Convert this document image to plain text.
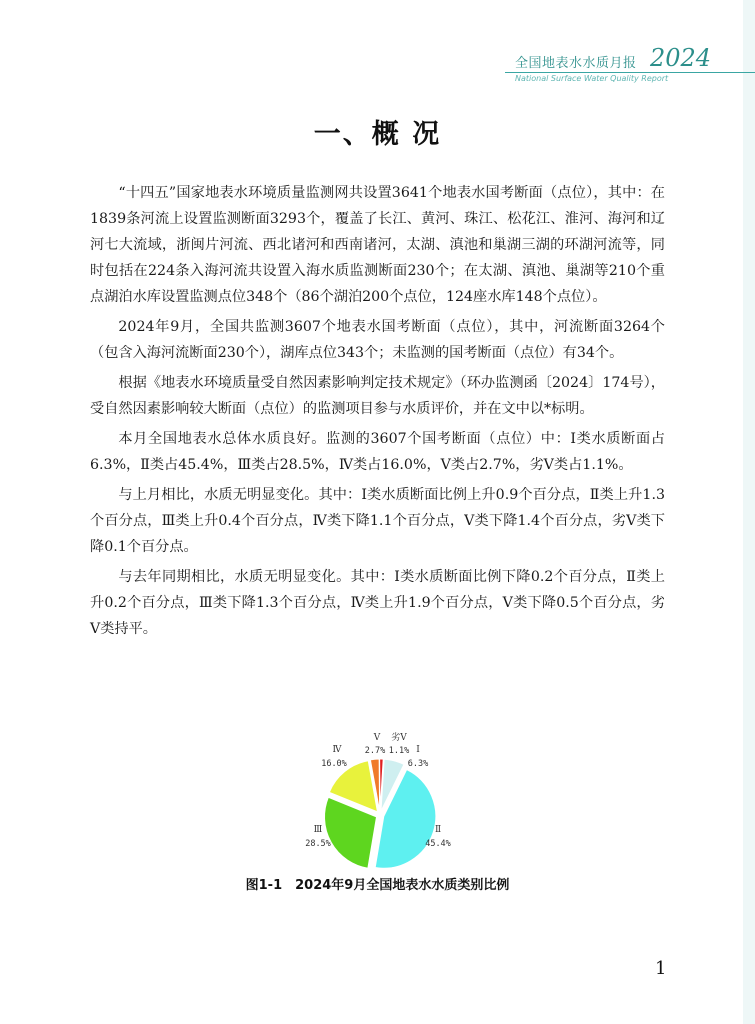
全国地表水水质月报 2024
National Surface Water Quality Report
一、概 况

“十四五”国家地表水环境质量监测网共设置3641个地表水国考断面（点位），其中：在1839条河流上设置监测断面3293个，覆盖了长江、黄河、珠江、松花江、淮河、海河和辽河七大流域，浙闽片河流、西北诸河和西南诸河，太湖、滇池和巢湖三湖的环湖河流等，同时包括在224条入海河流共设置入海水质监测断面230个；在太湖、滇池、巢湖等210个重点湖泊水库设置监测点位348个（86个湖泊200个点位，124座水库148个点位）。

2024年9月，全国共监测3607个地表水国考断面（点位），其中，河流断面3264个（包含入海河流断面230个），湖库点位343个；未监测的国考断面（点位）有34个。

根据《地表水环境质量受自然因素影响判定技术规定》（环办监测函〔2024〕174号），受自然因素影响较大断面（点位）的监测项目参与水质评价，并在文中以*标明。

本月全国地表水总体水质良好。监测的3607个国考断面（点位）中：Ⅰ类水质断面占6.3%，Ⅱ类占45.4%，Ⅲ类占28.5%，Ⅳ类占16.0%，Ⅴ类占2.7%，劣Ⅴ类占1.1%。

与上月相比，水质无明显变化。其中：Ⅰ类水质断面比例上升0.9个百分点，Ⅱ类上升1.3个百分点，Ⅲ类上升0.4个百分点，Ⅳ类下降1.1个百分点，Ⅴ类下降1.4个百分点，劣Ⅴ类下降0.1个百分点。

与去年同期相比，水质无明显变化。其中：Ⅰ类水质断面比例下降0.2个百分点，Ⅱ类上升0.2个百分点，Ⅲ类下降1.3个百分点，Ⅳ类上升1.9个百分点，Ⅴ类下降0.5个百分点，劣Ⅴ类持平。

Ⅰ
6.3%
Ⅱ
45.4%
Ⅲ
28.5%
Ⅳ
16.0%
Ⅴ
2.7%
劣Ⅴ
1.1%
图1-1　2024年9月全国地表水水质类别比例
1
